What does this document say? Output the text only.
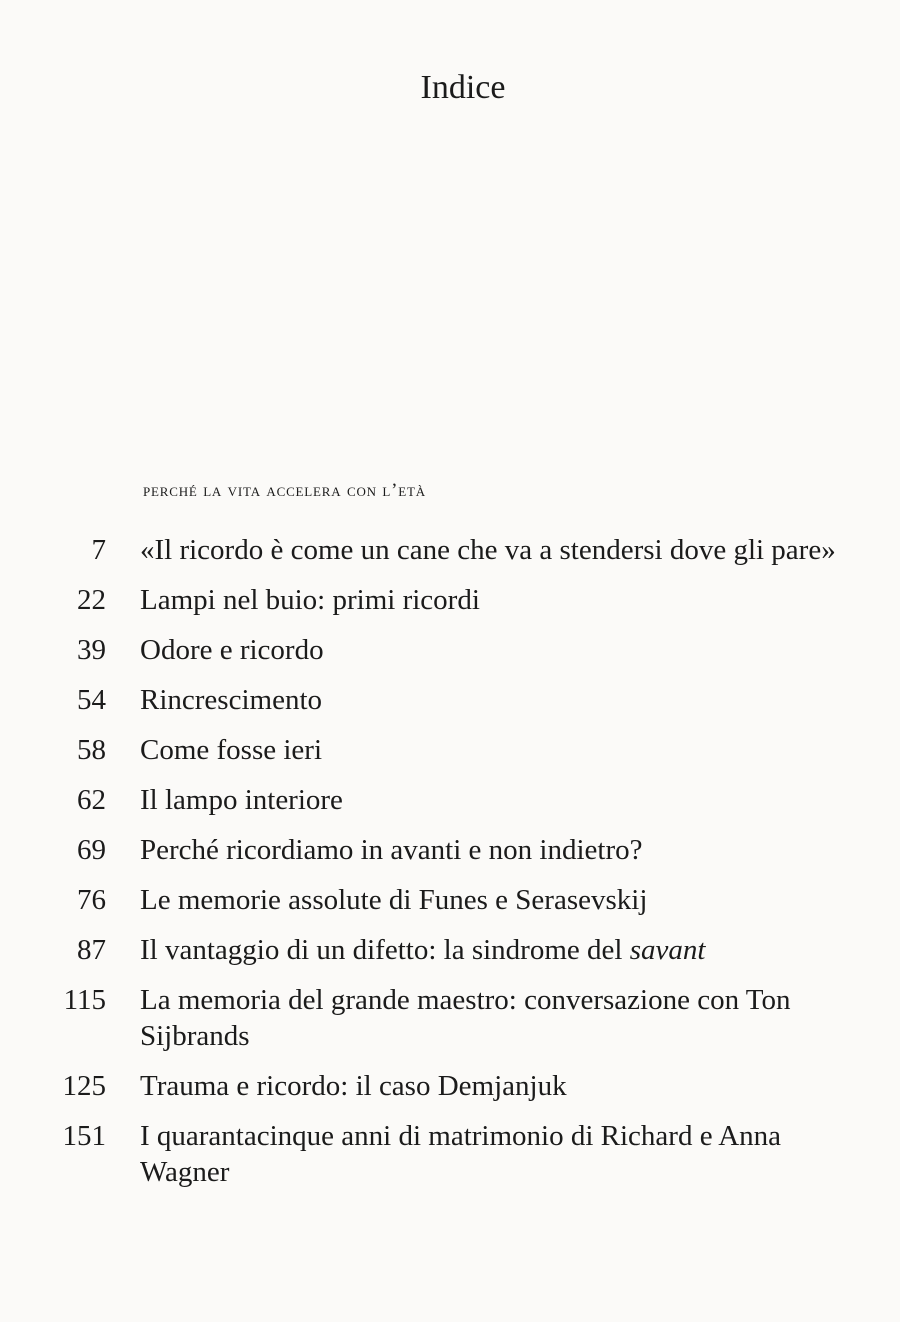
Indice
perché la vita accelera con l’età
7	«Il ricordo è come un cane che va a stendersi dove gli pare»
22	Lampi nel buio: primi ricordi
39	Odore e ricordo
54	Rincrescimento
58	Come fosse ieri
62	Il lampo interiore
69	Perché ricordiamo in avanti e non indietro?
76	Le memorie assolute di Funes e Serasevskij
87	Il vantaggio di un difetto: la sindrome del savant
115	La memoria del grande maestro: conversazione con Ton Sijbrands
125	Trauma e ricordo: il caso Demjanjuk
151	I quarantacinque anni di matrimonio di Richard e Anna Wagner
